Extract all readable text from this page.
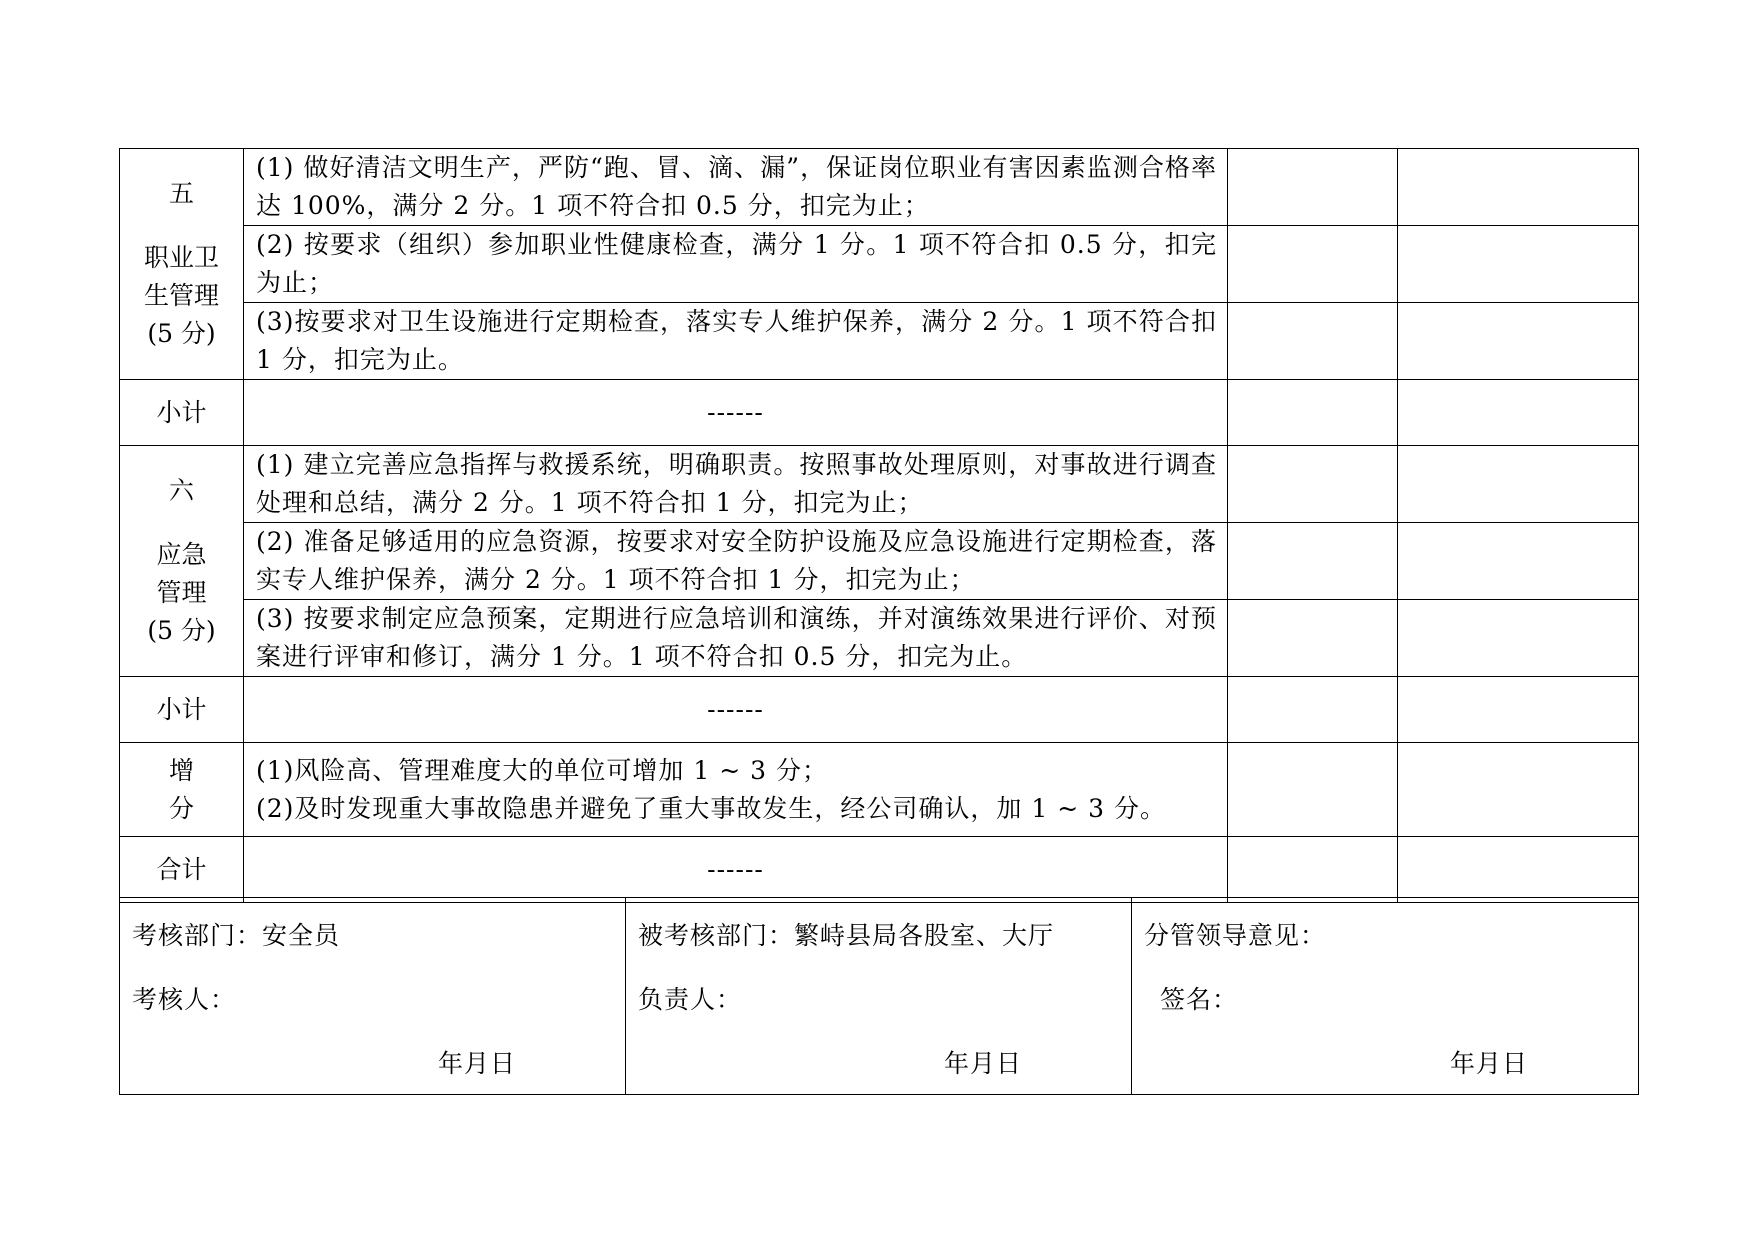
五
职业卫生管理
(5 分)	(1) 做好清洁文明生产，严防“跑、冒、滴、漏”，保证岗位职业有害因素监测合格率达 100%，满分 2 分。1 项不符合扣 0.5 分，扣完为止；		
	(2) 按要求（组织）参加职业性健康检查，满分 1 分。1 项不符合扣 0.5 分，扣完为止；		
	(3)按要求对卫生设施进行定期检查，落实专人维护保养，满分 2 分。1 项不符合扣 1 分，扣完为止。		
小计	------		

六
应急管理
(5 分)	(1) 建立完善应急指挥与救援系统，明确职责。按照事故处理原则，对事故进行调查处理和总结，满分 2 分。1 项不符合扣 1 分，扣完为止；		
	(2) 准备足够适用的应急资源，按要求对安全防护设施及应急设施进行定期检查，落实专人维护保养，满分 2 分。1 项不符合扣 1 分，扣完为止；		
	(3) 按要求制定应急预案，定期进行应急培训和演练，并对演练效果进行评价、对预案进行评审和修订，满分 1 分。1 项不符合扣 0.5 分，扣完为止。		
小计	------		

增
分	(1)风险高、管理难度大的单位可增加 1 ~ 3 分；
(2)及时发现重大事故隐患并避免了重大事故发生，经公司确认，加 1 ~ 3 分。		

合计	------		
考核部门：安全员
考核人：
年月日

被考核部门：繁峙县局各股室、大厅
负责人：
年月日

分管领导意见：
签名：
年月日
